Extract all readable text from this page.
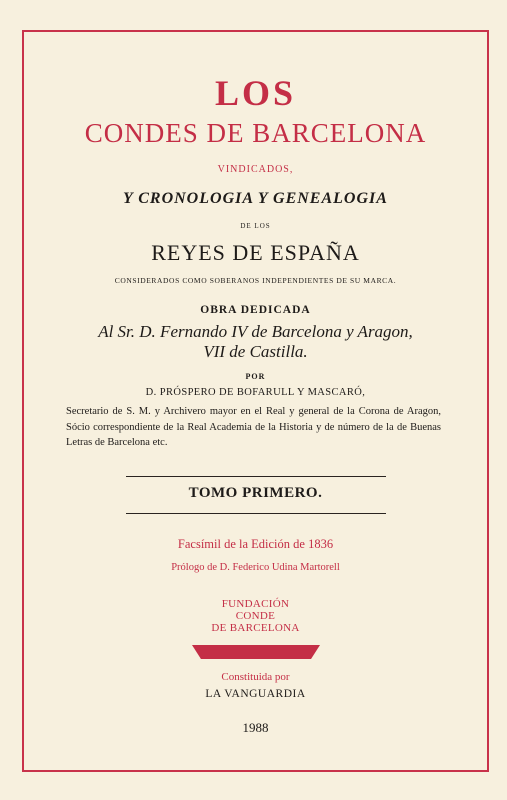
LOS
CONDES DE BARCELONA
VINDICADOS,
Y CRONOLOGIA Y GENEALOGIA
DE LOS
REYES DE ESPAÑA
CONSIDERADOS COMO SOBERANOS INDEPENDIENTES DE SU MARCA.
OBRA DEDICADA
Al Sr. D. Fernando IV de Barcelona y Aragon,
VII de Castilla.
POR
D. PRÓSPERO DE BOFARULL Y MASCARÓ,
Secretario de S. M. y Archivero mayor en el Real y general de la Corona de Aragon, Sócio correspondiente de la Real Academia de la Historia y de número de la de Buenas Letras de Barcelona etc.
TOMO PRIMERO.
Facsímil de la Edición de 1836
Prólogo de D. Federico Udina Martorell
FUNDACIÓN
CONDE
DE BARCELONA
Constituida por
LA VANGUARDIA
1988
